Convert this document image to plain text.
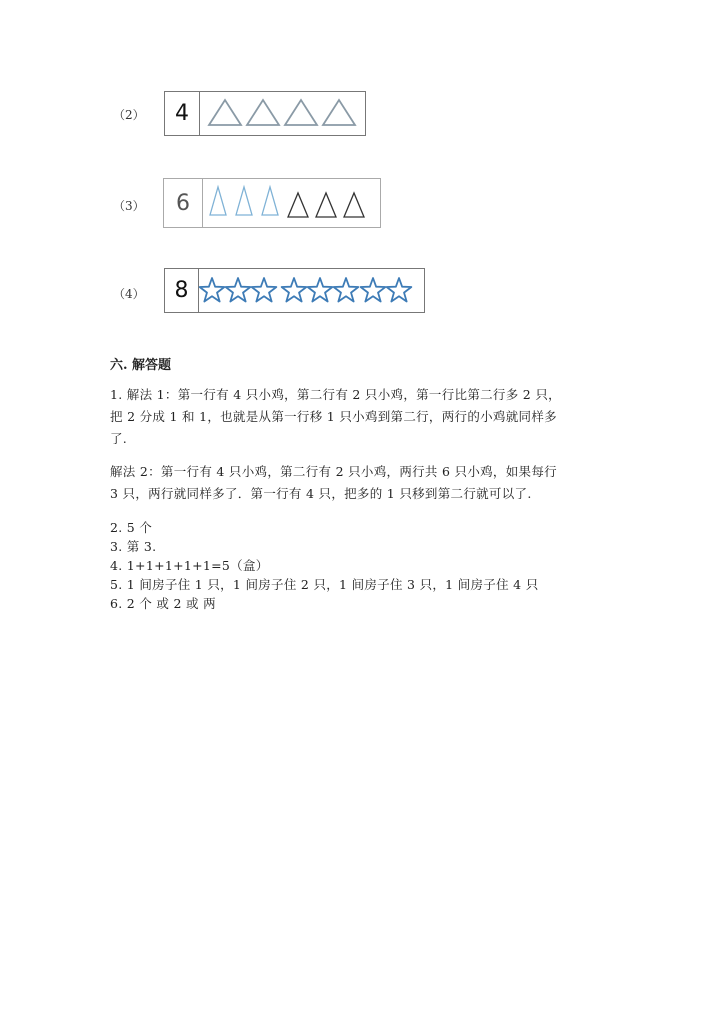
（2）	4
（3）	6
（4）	8
六. 解答题
1. 解法 1：第一行有 4 只小鸡，第二行有 2 只小鸡，第一行比第二行多 2 只，
把 2 分成 1 和 1，也就是从第一行移 1 只小鸡到第二行，两行的小鸡就同样多
了.
解法 2：第一行有 4 只小鸡，第二行有 2 只小鸡，两行共 6 只小鸡，如果每行
3 只，两行就同样多了．第一行有 4 只，把多的 1 只移到第二行就可以了.
2. 5 个
3. 第 3.
4. 1+1+1+1+1=5（盒）
5. 1 间房子住 1 只，1 间房子住 2 只，1 间房子住 3 只，1 间房子住 4 只
6. 2 个 或 2 或 两
